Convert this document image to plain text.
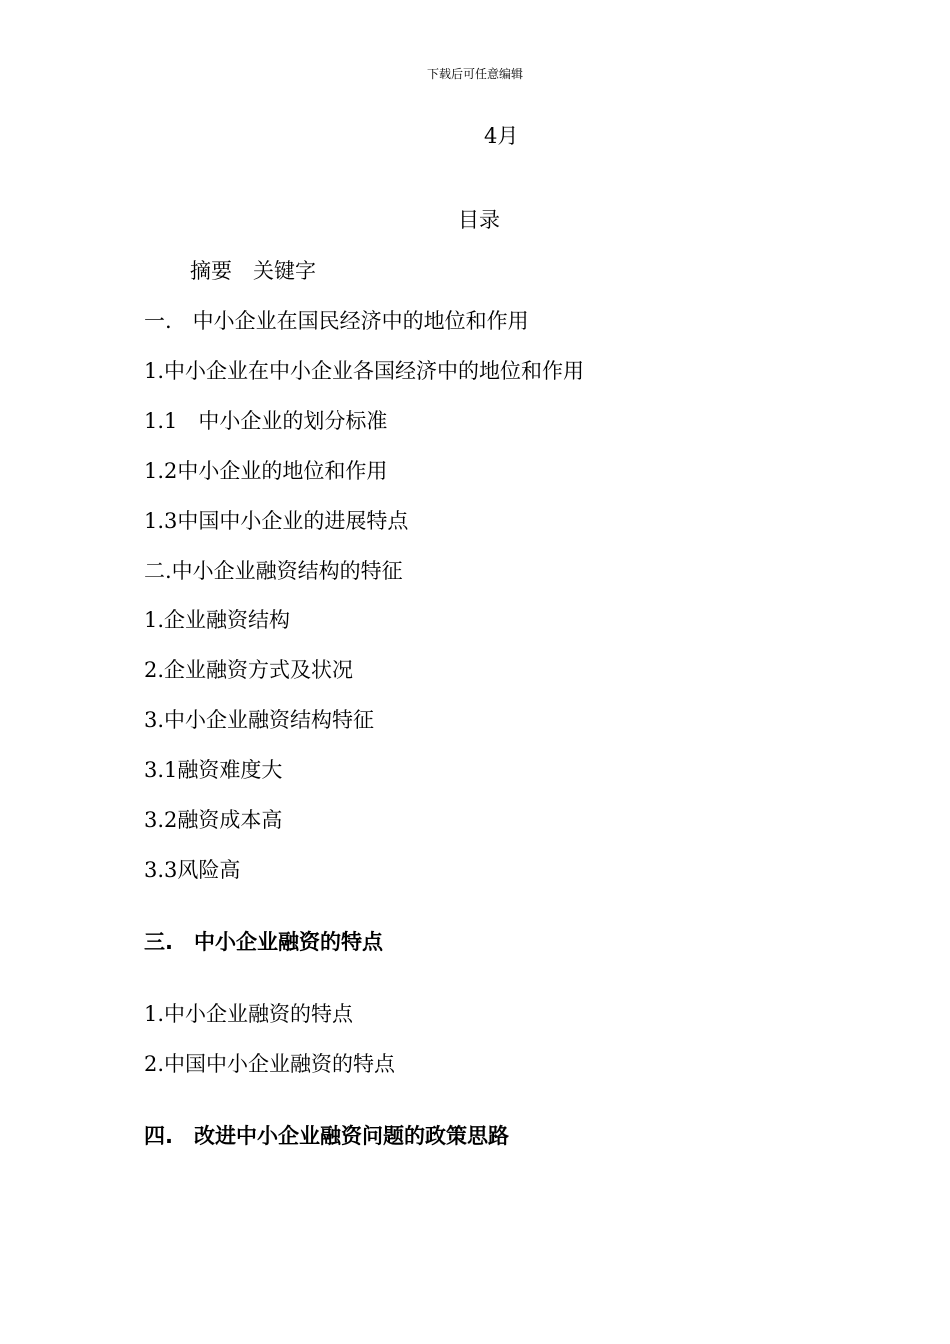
下载后可任意编辑
4月
目录
摘要　关键字
一.　中小企业在国民经济中的地位和作用
1.中小企业在中小企业各国经济中的地位和作用
1.1　中小企业的划分标准
1.2中小企业的地位和作用
1.3中国中小企业的进展特点
二.中小企业融资结构的特征
1.企业融资结构
2.企业融资方式及状况
3.中小企业融资结构特征
3.1融资难度大
3.2融资成本高
3.3风险高
三.　中小企业融资的特点
1.中小企业融资的特点
2.中国中小企业融资的特点
四.　改进中小企业融资问题的政策思路
